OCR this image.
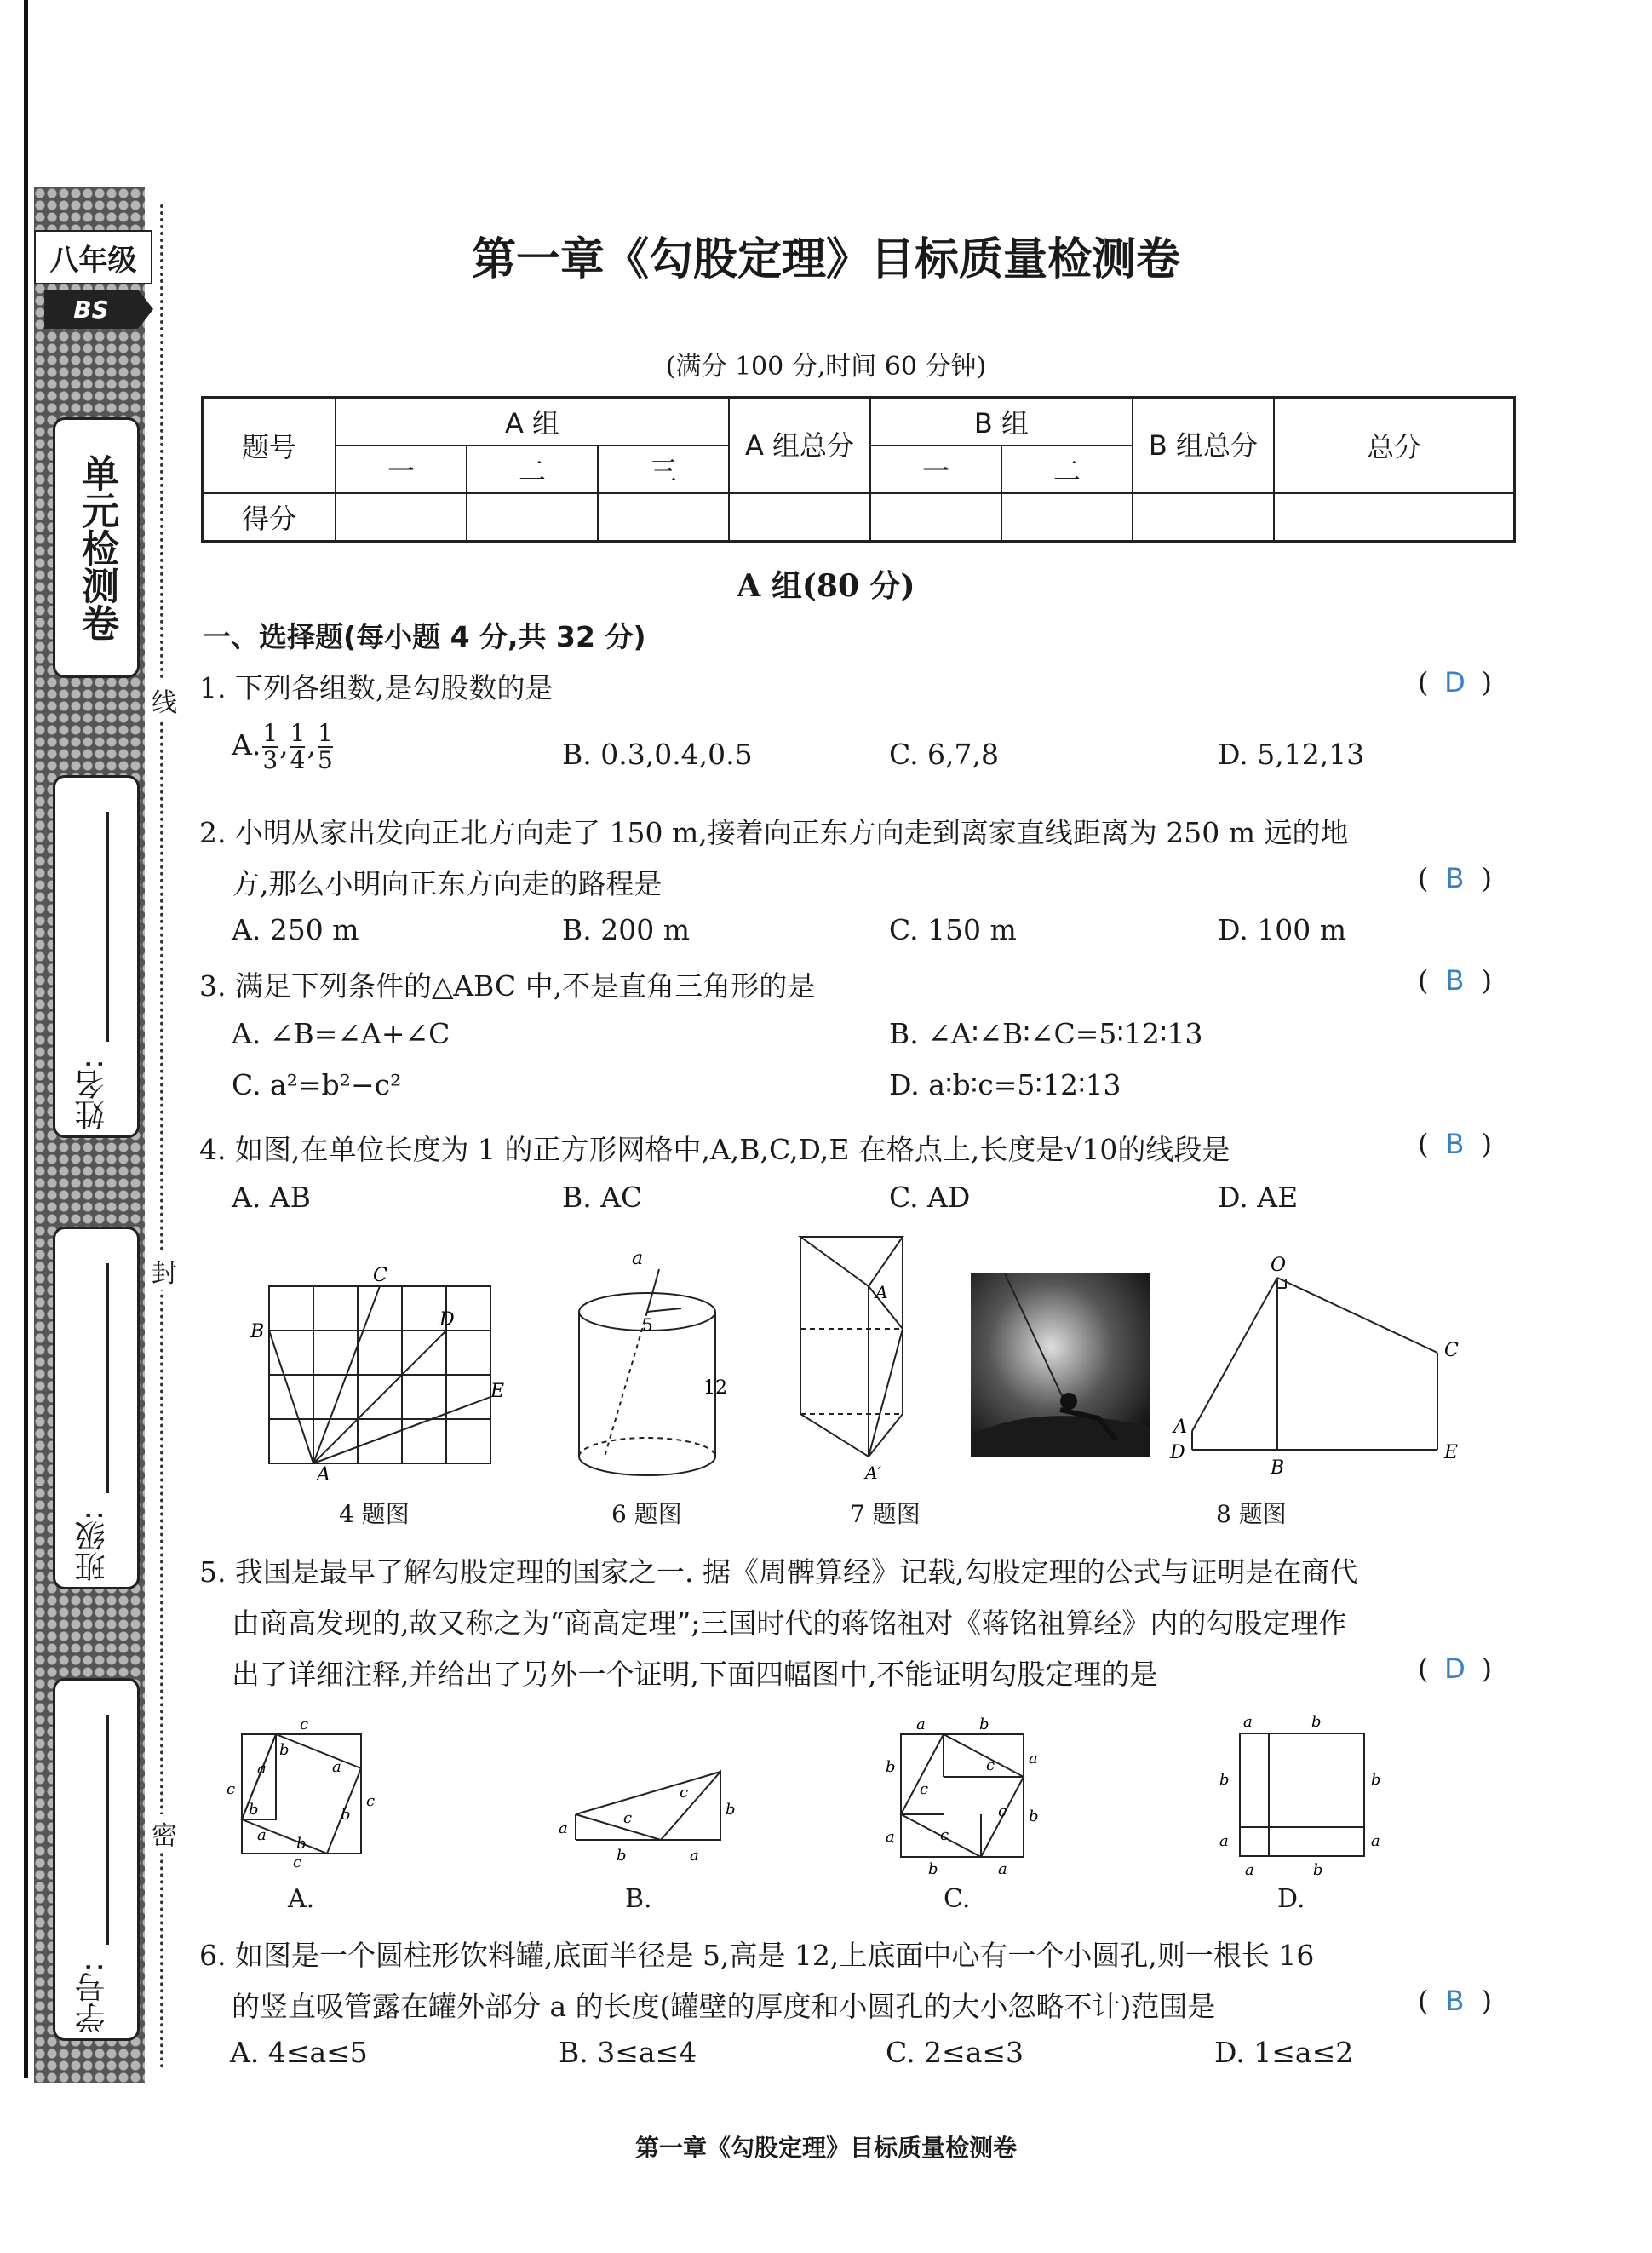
八年级
BS
单元检测卷
姓名:
班级:
学号:
线
封
密
第一章《勾股定理》目标质量检测卷
(满分 100 分,时间 60 分钟)
题号	A 组			A 组总分	B 组		B 组总分	总分
	一	二	三		一	二		
得分								
A 组(80 分)
一、选择题(每小题 4 分,共 32 分)
1. 下列各组数,是勾股数的是	( D )
A. $\frac{1}{3}$ , $\frac{1}{4}$ , $\frac{1}{5}$	B. 0.3,0.4,0.5	C. 6,7,8	D. 5,12,13
2. 小明从家出发向正北方向走了 150 m,接着向正东方向走到离家直线距离为 250 m 远的地
方,那么小明向正东方向走的路程是	( B )
A. 250 m	B. 200 m	C. 150 m	D. 100 m
3. 满足下列条件的△ABC 中,不是直角三角形的是	( B )
A. ∠B=∠A+∠C	B. ∠A∶∠B∶∠C=5∶12∶13
C. a²=b²−c²	D. a∶b∶c=5∶12∶13
4. 如图,在单位长度为 1 的正方形网格中,A,B,C,D,E 在格点上,长度是√10的线段是	( B )
A. AB	B. AC	C. AD	D. AE
A
B
C
D
E
4 题图
a
5
12
6 题图
A
A′
7 题图
O
A
B
C
D	E
8 题图
5. 我国是最早了解勾股定理的国家之一. 据《周髀算经》记载,勾股定理的公式与证明是在商代
由商高发现的,故又称之为“商高定理”;三国时代的蒋铭祖对《蒋铭祖算经》内的勾股定理作
出了详细注释,并给出了另外一个证明,下面四幅图中,不能证明勾股定理的是	( D )
c
c
c
a	a
a
b
b	b
b
c
A.
a
b	a
b
c
c
B.
a	b
b
a
a
b
b	a
c
c
c
c
C.
a	b
b
a
b
a
a	b
D.
6. 如图是一个圆柱形饮料罐,底面半径是 5,高是 12,上底面中心有一个小圆孔,则一根长 16
的竖直吸管露在罐外部分 a 的长度(罐壁的厚度和小圆孔的大小忽略不计)范围是	( B )
A. 4≤a≤5	B. 3≤a≤4	C. 2≤a≤3	D. 1≤a≤2
第一章《勾股定理》目标质量检测卷
